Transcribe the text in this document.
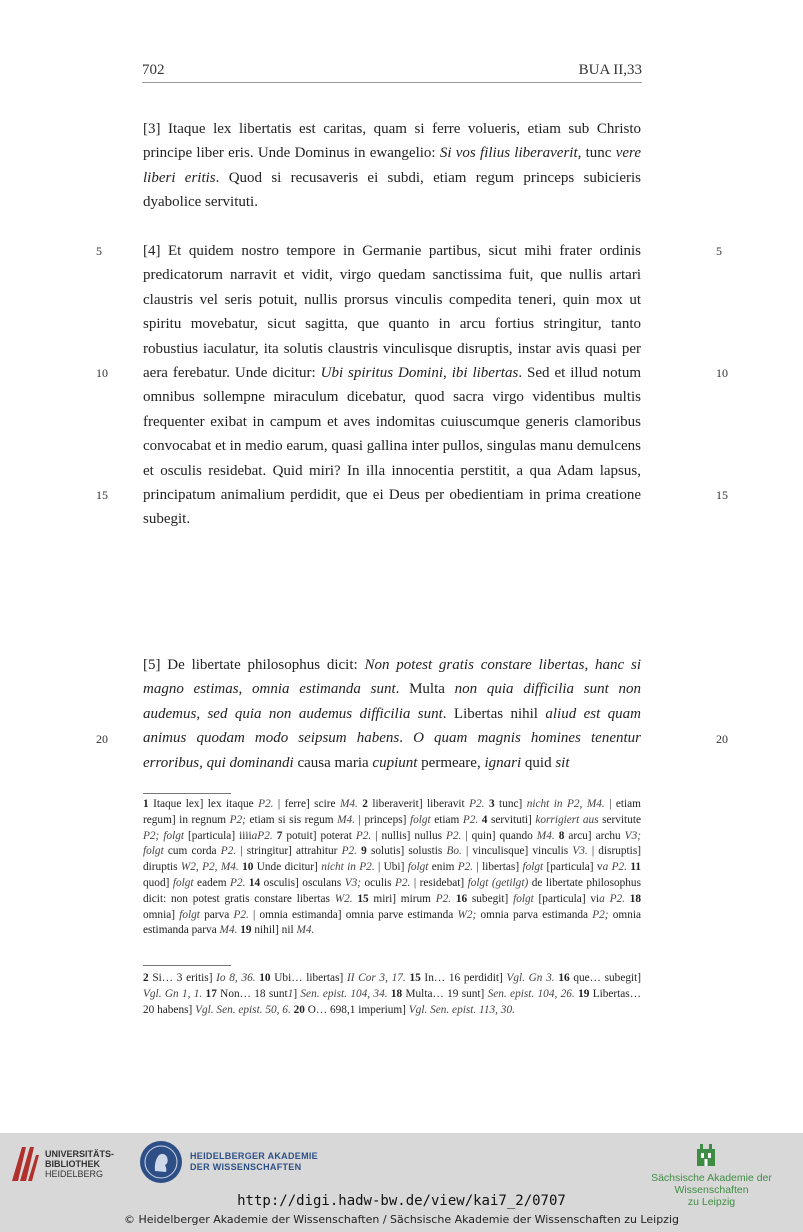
702	BUA II,33

[3] Itaque lex libertatis est caritas, quam si ferre volueris, etiam sub Christo principe liber eris. Unde Dominus in ewangelio: Si vos filius liberaverit, tunc vere liberi eritis. Quod si recusaveris ei subdi, etiam regum princeps subicieris dyabolice servituti.

[4] Et quidem nostro tempore in Germanie partibus, sicut mihi frater ordinis predicatorum narravit et vidit, virgo quedam sanctissima fuit, que nullis artari claustris vel seris potuit, nullis prorsus vinculis compedita teneri, quin mox ut spiritu movebatur, sicut sagitta, que quanto in arcu fortius stringitur, tanto robustius iaculatur, ita solutis claustris vinculisque disruptis, instar avis quasi per aera ferebatur. Unde dicitur: Ubi spiritus Domini, ibi libertas. Sed et illud notum omnibus sollempne miraculum dicebatur, quod sacra virgo videntibus multis frequenter exibat in campum et aves indomitas cuiuscumque generis clamoribus convocabat et in medio earum, quasi gallina inter pullos, singulas manu demulcens et osculis residebat. Quid miri? In illa innocentia perstitit, a qua Adam lapsus, principatum animalium perdidit, que ei Deus per obedientiam in prima creatione subegit.

[5] De libertate philosophus dicit: Non potest gratis constare libertas, hanc si magno estimas, omnia estimanda sunt. Multa non quia difficilia sunt non audemus, sed quia non audemus difficilia sunt. Libertas nihil aliud est quam animus quodam modo seipsum habens. O quam magnis homines tenentur erroribus, qui dominandi causa maria cupiunt permeare, ignari quid sit

5	5
10	10
15	15
20	20
1 Itaque lex] lex itaque P2. | ferre] scire M4. 2 liberaverit] liberavit P2. 3 tunc] nicht in P2, M4. | etiam regum] in regnum P2; etiam si sis regum M4. | princeps] folgt etiam P2. 4 servituti] korrigiert aus servitute P2; folgt [particula] iiiiaP2. 7 potuit] poterat P2. | nullis] nullus P2. | quin] quando M4. 8 arcu] archu V3; folgt cum corda P2. | stringitur] attrahitur P2. 9 solutis] solustis Bo. | vinculisque] vinculis V3. | disruptis] diruptis W2, P2, M4. 10 Unde dicitur] nicht in P2. | Ubi] folgt enim P2. | libertas] folgt [particula] va P2. 11 quod] folgt eadem P2. 14 osculis] osculans V3; oculis P2. | residebat] folgt (getilgt) de libertate philosophus dicit: non potest gratis constare libertas W2. 15 miri] mirum P2. 16 subegit] folgt [particula] via P2. 18 omnia] folgt parva P2. | omnia estimanda] omnia parve estimanda W2; omnia parva estimanda P2; omnia estimanda parva M4. 19 nihil] nil M4.
2 Si… 3 eritis] Io 8, 36. 10 Ubi… libertas] II Cor 3, 17. 15 In… 16 perdidit] Vgl. Gn 3. 16 que… subegit] Vgl. Gn 1, 1. 17 Non… 18 sunt1] Sen. epist. 104, 34. 18 Multa… 19 sunt] Sen. epist. 104, 26. 19 Libertas… 20 habens] Vgl. Sen. epist. 50, 6. 20 O… 698,1 imperium] Vgl. Sen. epist. 113, 30.
UNIVERSITÄTS-
BIBLIOTHEK
HEIDELBERG
HEIDELBERGER AKADEMIE
DER WISSENSCHAFTEN
Sächsische Akademie der Wissenschaften
zu Leipzig
http://digi.hadw-bw.de/view/kai7_2/0707
© Heidelberger Akademie der Wissenschaften / Sächsische Akademie der Wissenschaften zu Leipzig
